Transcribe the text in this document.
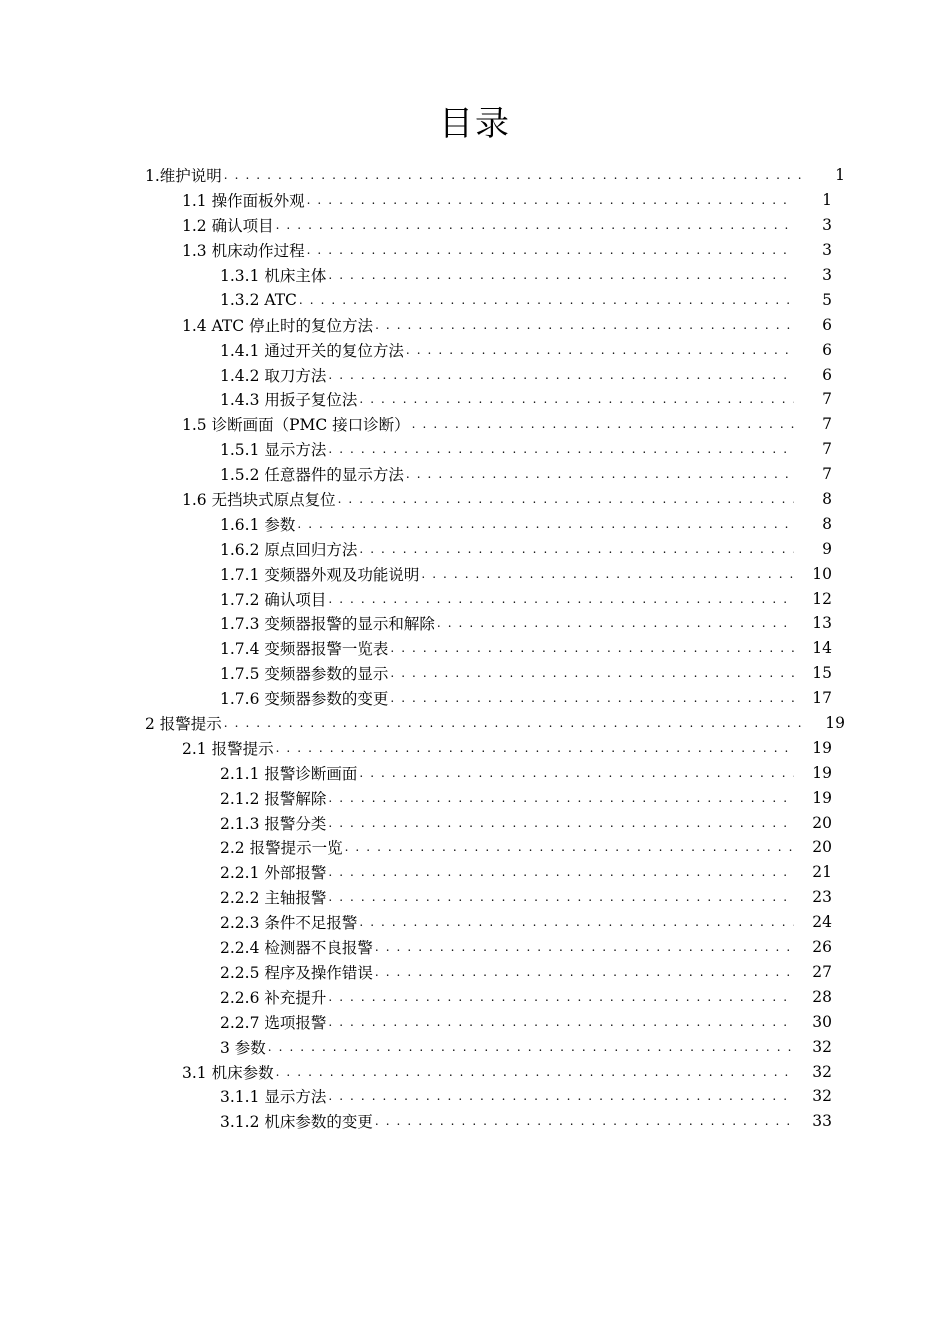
目录
1.维护说明 . . .	1
1.1 操作面板外观 . . .	1
1.2 确认项目 . . .	3
1.3 机床动作过程 . . .	3
1.3.1 机床主体 . . .	3
1.3.2 ATC . . .	5
1.4 ATC 停止时的复位方法 . . .	6
1.4.1 通过开关的复位方法 . . .	6
1.4.2 取刀方法 . . .	6
1.4.3 用扳子复位法 . . .	7
1.5 诊断画面（PMC 接口诊断） . . .	7
1.5.1 显示方法 . . .	7
1.5.2 任意器件的显示方法 . . .	7
1.6 无挡块式原点复位 . . .	8
1.6.1 参数 . . .	8
1.6.2 原点回归方法 . . .	9
1.7.1 变频器外观及功能说明 . . .	10
1.7.2 确认项目 . . .	12
1.7.3 变频器报警的显示和解除 . . .	13
1.7.4 变频器报警一览表 . . .	14
1.7.5 变频器参数的显示 . . .	15
1.7.6 变频器参数的变更 . . .	17
2 报警提示 . . .	19
2.1 报警提示 . . .	19
2.1.1 报警诊断画面 . . .	19
2.1.2 报警解除 . . .	19
2.1.3 报警分类 . . .	20
2.2 报警提示一览 . . .	20
2.2.1 外部报警 . . .	21
2.2.2 主轴报警 . . .	23
2.2.3 条件不足报警 . . .	24
2.2.4 检测器不良报警 . . .	26
2.2.5 程序及操作错误 . . .	27
2.2.6 补充提升 . . .	28
2.2.7 选项报警 . . .	30
3 参数 . . .	32
3.1 机床参数 . . .	32
3.1.1 显示方法 . . .	32
3.1.2 机床参数的变更 . . .	33
